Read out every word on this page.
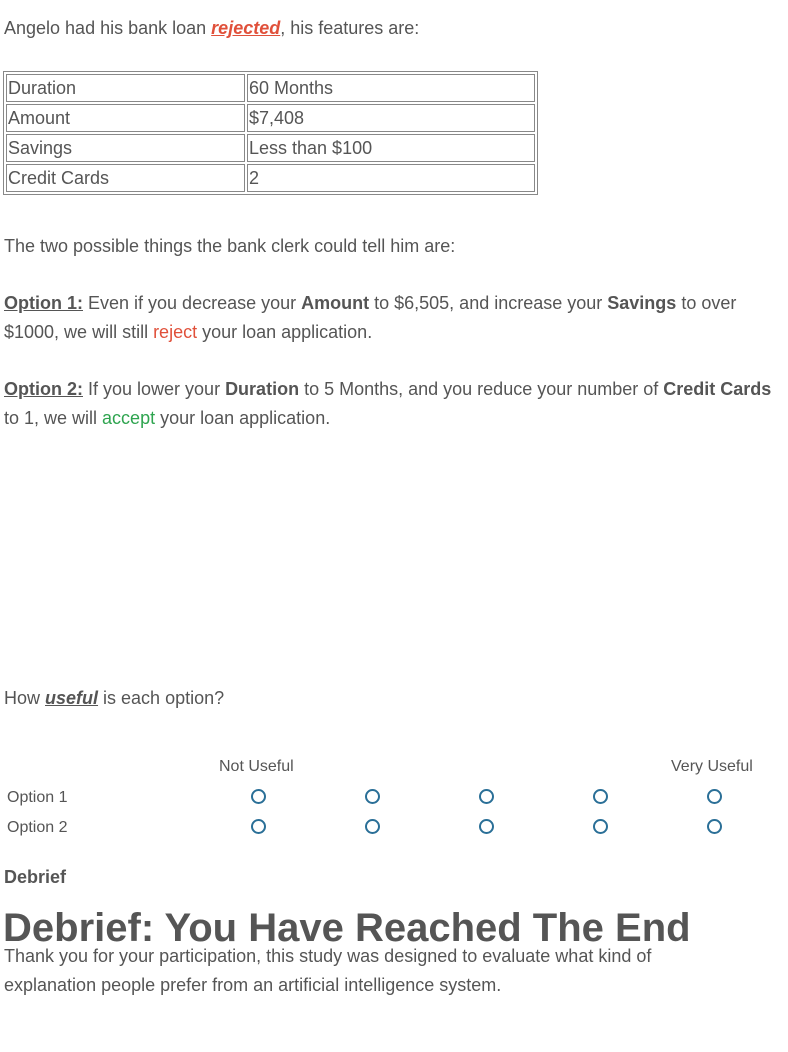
Angelo had his bank loan rejected, his features are:

Duration	60 Months
Amount	$7,408
Savings	Less than $100
Credit Cards	2

The two possible things the bank clerk could tell him are:

Option 1: Even if you decrease your Amount to $6,505, and increase your Savings to over $1000, we will still reject your loan application.

Option 2: If you lower your Duration to 5 Months, and you reduce your number of Credit Cards to 1, we will accept your loan application.

How useful is each option?

Not Useful	Very Useful
Option 1
Option 2
Debrief
Debrief: You Have Reached The End

Thank you for your participation, this study was designed to evaluate what kind of explanation people prefer from an artificial intelligence system.
